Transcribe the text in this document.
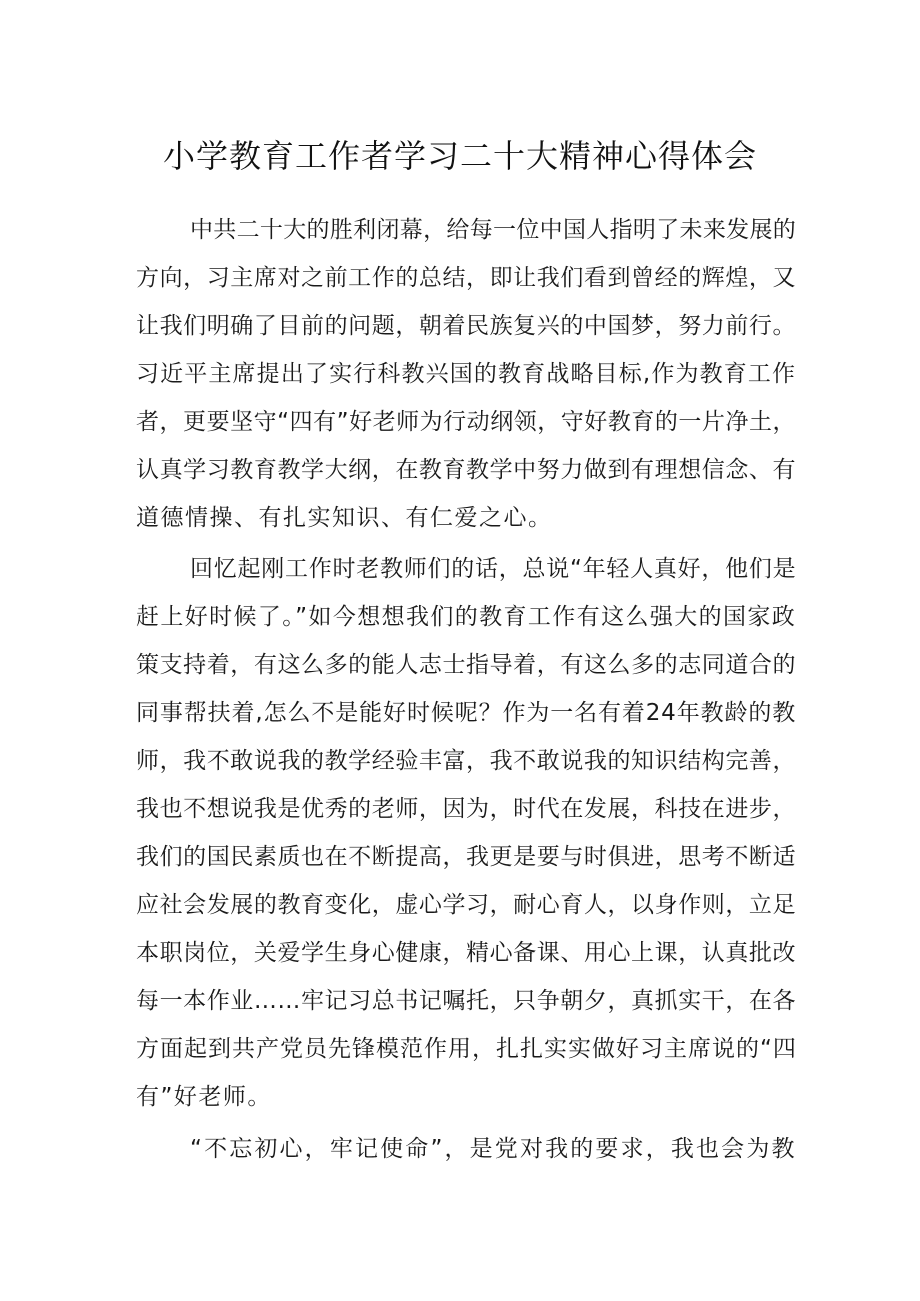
小学教育工作者学习二十大精神心得体会

中共二十大的胜利闭幕，给每一位中国人指明了未来发展的

方向，习主席对之前工作的总结，即让我们看到曾经的辉煌，又

让我们明确了目前的问题，朝着民族复兴的中国梦，努力前行。

习近平主席提出了实行科教兴国的教育战略目标,作为教育工作

者，更要坚守“四有”好老师为行动纲领，守好教育的一片净土，

认真学习教育教学大纲，在教育教学中努力做到有理想信念、有

道德情操、有扎实知识、有仁爱之心。

回忆起刚工作时老教师们的话，总说“年轻人真好，他们是

赶上好时候了。”如今想想我们的教育工作有这么强大的国家政

策支持着，有这么多的能人志士指导着，有这么多的志同道合的

同事帮扶着,怎么不是能好时候呢？作为一名有着24年教龄的教

师，我不敢说我的教学经验丰富，我不敢说我的知识结构完善，

我也不想说我是优秀的老师，因为，时代在发展，科技在进步，

我们的国民素质也在不断提高，我更是要与时俱进，思考不断适

应社会发展的教育变化，虚心学习，耐心育人，以身作则，立足

本职岗位，关爱学生身心健康，精心备课、用心上课，认真批改

每一本作业……牢记习总书记嘱托，只争朝夕，真抓实干，在各

方面起到共产党员先锋模范作用，扎扎实实做好习主席说的“四

有”好老师。

“不忘初心，牢记使命”，是党对我的要求，我也会为教
